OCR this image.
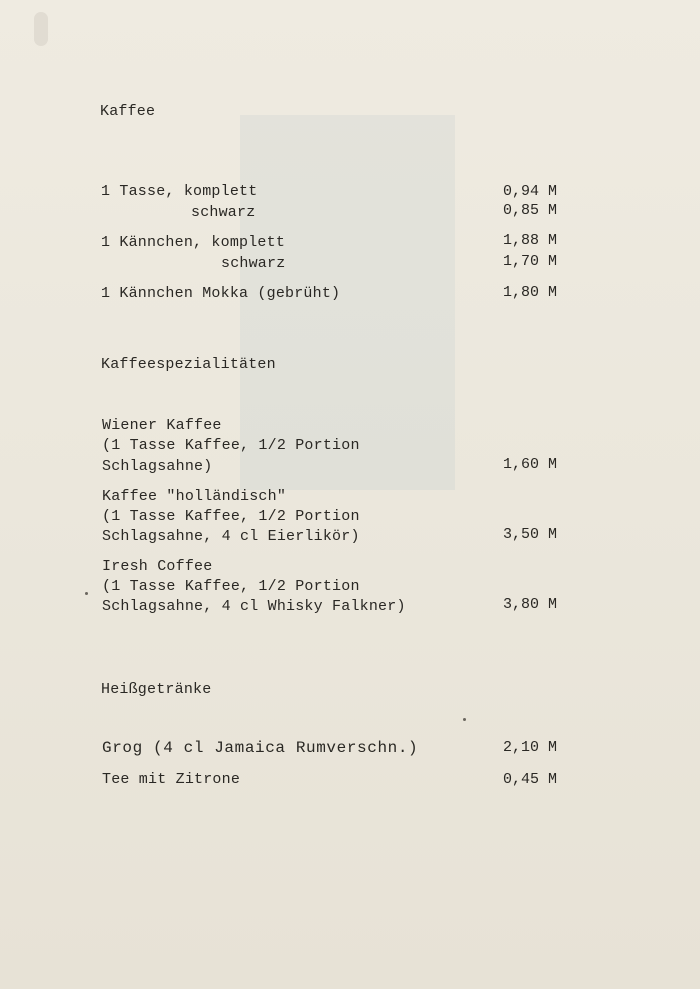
Kaffee
1 Tasse, komplett	0,94 M
schwarz	0,85 M
1 Kännchen, komplett	1,88 M
schwarz	1,70 M
1 Kännchen Mokka (gebrüht)	1,80 M
Kaffeespezialitäten
Wiener Kaffee
(1 Tasse Kaffee, 1/2 Portion
Schlagsahne)	1,60 M
Kaffee "holländisch"
(1 Tasse Kaffee, 1/2 Portion
Schlagsahne, 4 cl Eierlikör)	3,50 M
Iresh Coffee
(1 Tasse Kaffee, 1/2 Portion
Schlagsahne, 4 cl Whisky Falkner)	3,80 M
Heißgetränke
Grog (4 cl Jamaica Rumverschn.)	2,10 M
Tee mit Zitrone	0,45 M
